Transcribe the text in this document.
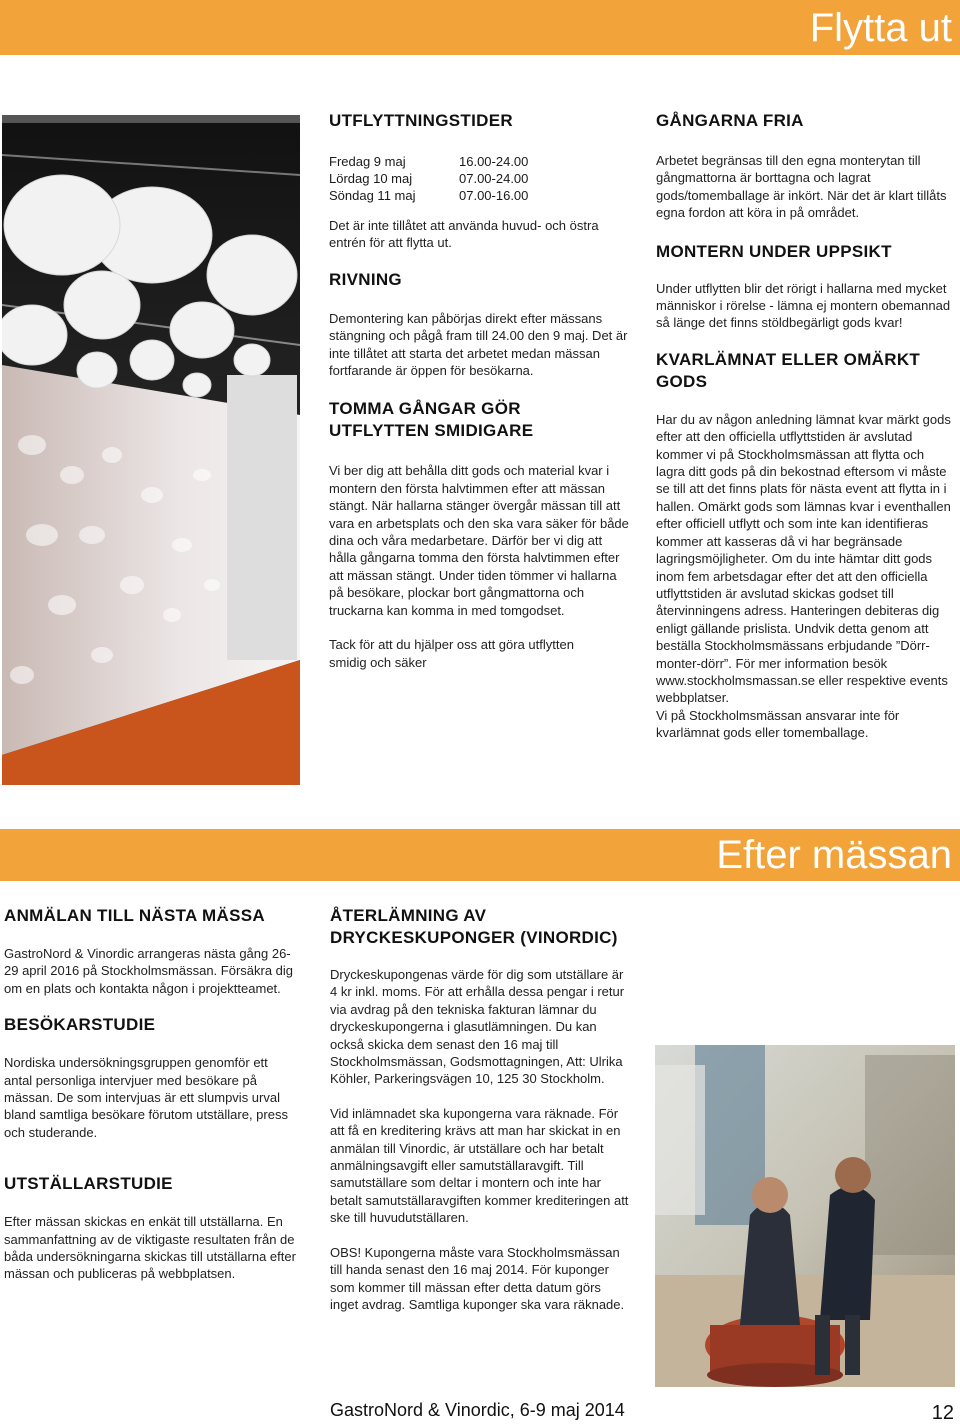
Flytta ut
UTFLYTTNINGSTIDER
Fredag 9 maj	16.00-24.00
Lördag 10 maj	07.00-24.00
Söndag 11 maj	07.00-16.00

Det är inte tillåtet att använda huvud- och östra entrén för att flytta ut.

RIVNING

Demontering kan påbörjas direkt efter mässans stängning och pågå fram till 24.00 den 9 maj. Det är inte tillåtet att starta det arbetet medan mässan fortfarande är öppen för besökarna.

TOMMA GÅNGAR GÖR UTFLYTTEN SMIDIGARE

Vi ber dig att behålla ditt gods och material kvar i montern den första halvtimmen efter att mässan stängt. När hallarna stänger övergår mässan till att vara en arbetsplats och den ska vara säker för både dina och våra medarbetare. Därför ber vi dig att hålla gångarna tomma den första halvtimmen efter att mässan stängt. Under tiden tömmer vi hallarna på besökare, plockar bort gångmattorna och truckarna kan komma in med tomgodset.

Tack för att du hjälper oss att göra utflytten smidig och säker

GÅNGARNA FRIA

Arbetet begränsas till den egna monterytan till gångmattorna är borttagna och lagrat gods/tomemballage är inkört. När det är klart tillåts egna fordon att köra in på området.

MONTERN UNDER UPPSIKT

Under utflytten blir det rörigt i hallarna med mycket människor i rörelse - lämna ej montern obemannad så länge det finns stöldbegärligt gods kvar!

KVARLÄMNAT ELLER OMÄRKT GODS

Har du av någon anledning lämnat kvar märkt gods efter att den officiella utflyttstiden är avslutad kommer vi på Stockholmsmässan att flytta och lagra ditt gods på din bekostnad eftersom vi måste se till att det finns plats för nästa event att flytta in i hallen. Omärkt gods som lämnas kvar i eventhallen efter officiell utflytt och som inte kan identifieras kommer att kasseras då vi har begränsade lagringsmöjligheter. Om du inte hämtar ditt gods inom fem arbetsdagar efter det att den officiella utflyttstiden är avslutad skickas godset till återvinningens adress. Hanteringen debiteras dig enligt gällande prislista. Undvik detta genom att beställa Stockholmsmässans erbjudande ”Dörr-monter-dörr”. För mer information besök www.stockholmsmassan.se eller respektive events webbplatser.

Vi på Stockholmsmässan ansvarar inte för kvarlämnat gods eller tomemballage.

Efter mässan
ANMÄLAN TILL NÄSTA MÄSSA

GastroNord & Vinordic arrangeras nästa gång 26-29 april 2016 på Stockholmsmässan. Försäkra dig om en plats och kontakta någon i projektteamet.

BESÖKARSTUDIE

Nordiska undersökningsgruppen genomför ett antal personliga intervjuer med besökare på mässan. De som intervjuas är ett slumpvis urval bland samtliga besökare förutom utställare, press och studerande.

UTSTÄLLARSTUDIE

Efter mässan skickas en enkät till utställarna. En sammanfattning av de viktigaste resultaten från de båda undersökningarna skickas till utställarna efter mässan och publiceras på webbplatsen.

ÅTERLÄMNING AV DRYCKESKUPONGER (VINORDIC)

Dryckeskupongenas värde för dig som utställare är 4 kr inkl. moms. För att erhålla dessa pengar i retur via avdrag på den tekniska fakturan lämnar du dryckeskupongerna i glasutlämningen. Du kan också skicka dem senast den 16 maj till Stockholmsmässan, Godsmottagningen, Att: Ulrika Köhler, Parkeringsvägen 10, 125 30 Stockholm.

Vid inlämnadet ska kupongerna vara räknade. För att få en kreditering krävs att man har skickat in en anmälan till Vinordic, är utställare och har betalt anmälningsavgift eller samutställaravgift. Till samutställare som deltar i montern och inte har betalt samutställaravgiften kommer krediteringen att ske till huvudutställaren.

OBS! Kupongerna måste vara Stockholmsmässan till handa senast den 16 maj 2014. För kuponger som kommer till mässan efter detta datum görs inget avdrag. Samtliga kuponger ska vara räknade.

GastroNord & Vinordic, 6-9 maj 2014	12
